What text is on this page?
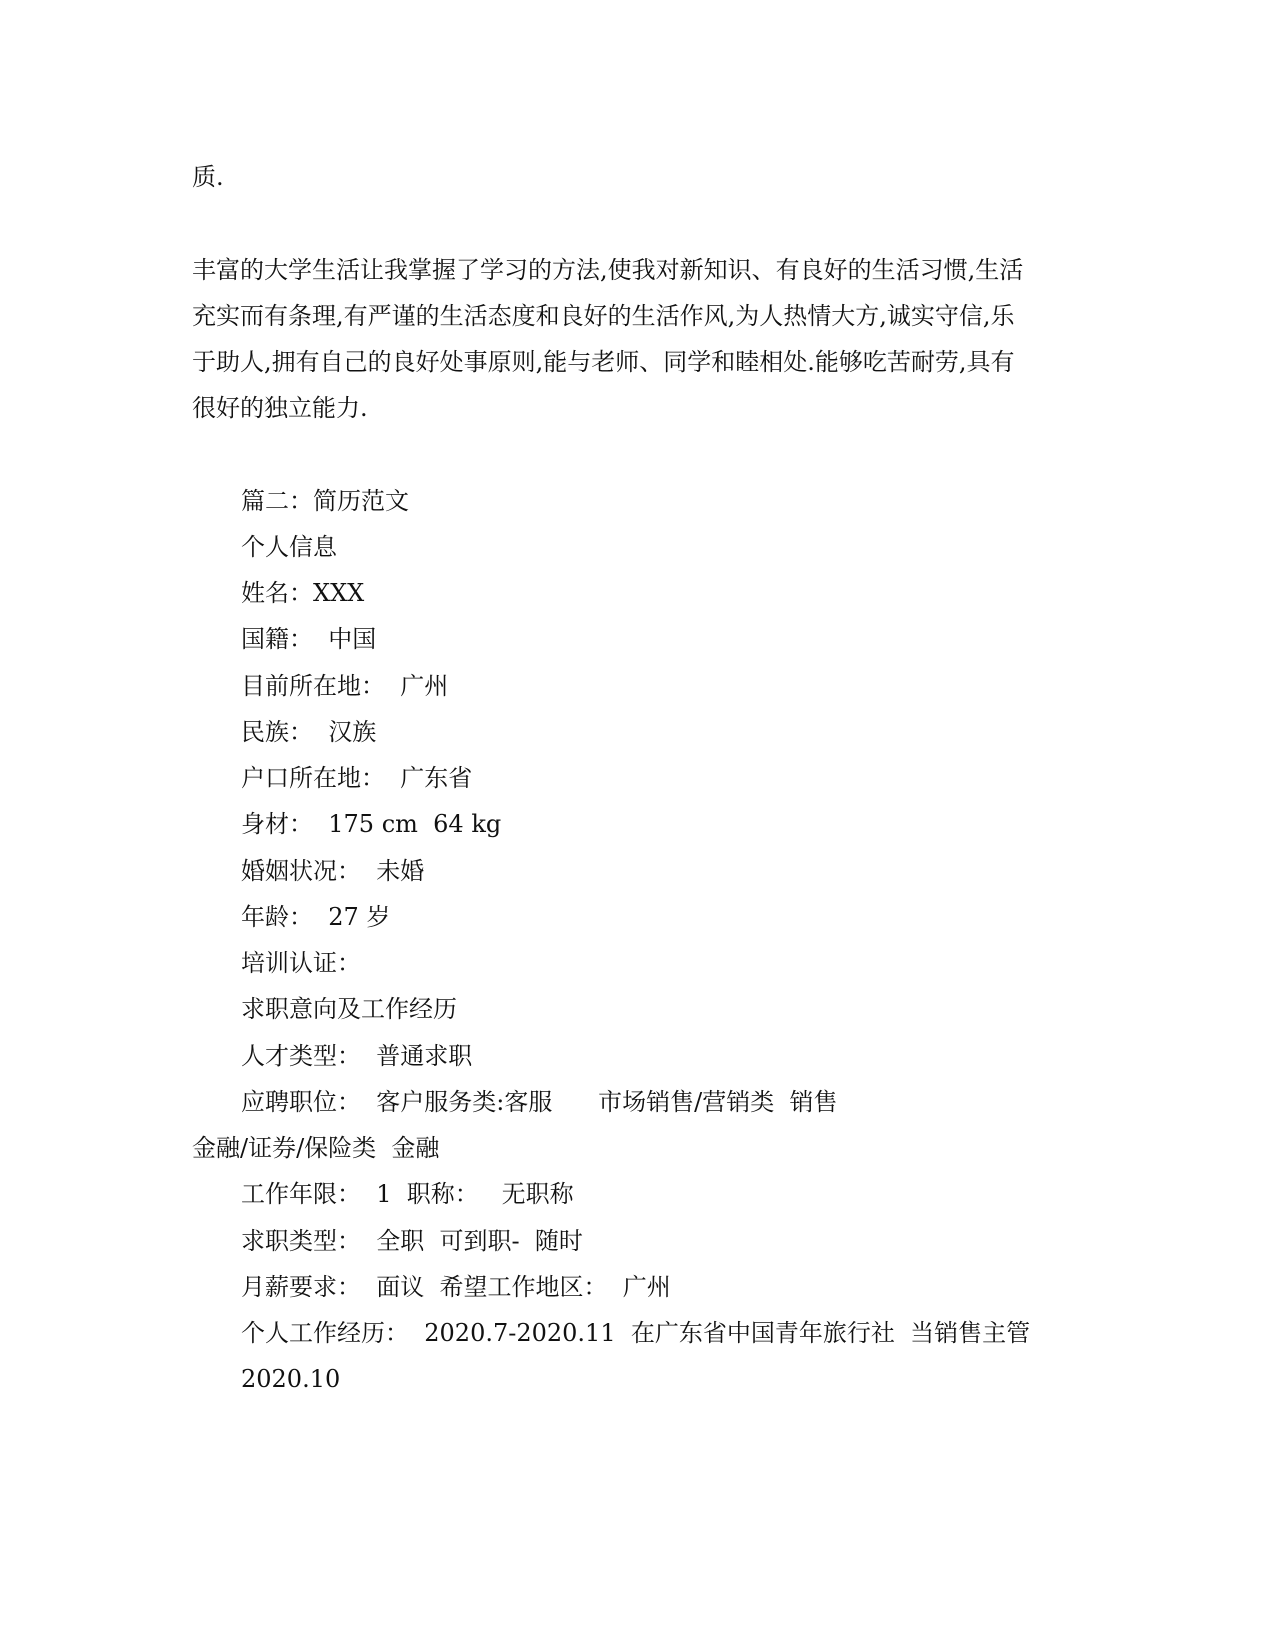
质.
丰富的大学生活让我掌握了学习的方法,使我对新知识、有良好的生活习惯,生活
充实而有条理,有严谨的生活态度和良好的生活作风,为人热情大方,诚实守信,乐
于助人,拥有自己的良好处事原则,能与老师、同学和睦相处.能够吃苦耐劳,具有
很好的独立能力.
篇二：简历范文
个人信息
姓名：XXX
国籍：  中国
目前所在地：  广州
民族：  汉族
户口所在地：  广东省
身材：  175 cm  64 kg
婚姻状况：  未婚
年龄：  27 岁
培训认证：
求职意向及工作经历
人才类型：  普通求职
应聘职位：  客户服务类:客服      市场销售/营销类  销售
金融/证券/保险类  金融
工作年限：  1  职称：   无职称
求职类型：  全职  可到职-  随时
月薪要求：  面议  希望工作地区：  广州
个人工作经历：  2020.7-2020.11  在广东省中国青年旅行社  当销售主管
2020.10
